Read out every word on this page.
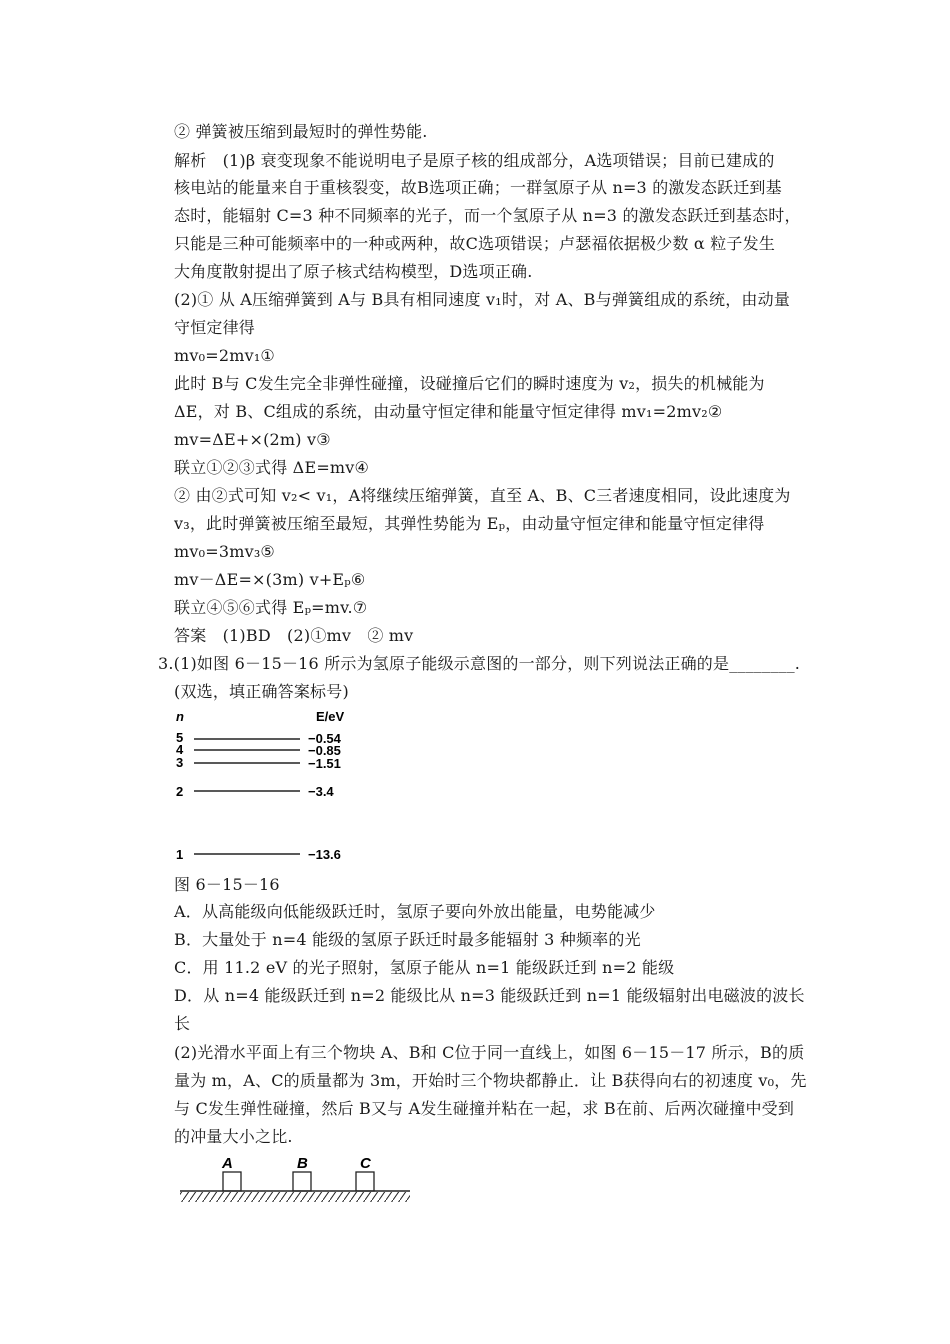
② 弹簧被压缩到最短时的弹性势能.
解析　(1)β 衰变现象不能说明电子是原子核的组成部分，A选项错误；目前已建成的
核电站的能量来自于重核裂变，故B选项正确；一群氢原子从 n=3 的激发态跃迁到基
态时，能辐射 C=3 种不同频率的光子，而一个氢原子从 n=3 的激发态跃迁到基态时，
只能是三种可能频率中的一种或两种，故C选项错误；卢瑟福依据极少数 α 粒子发生
大角度散射提出了原子核式结构模型，D选项正确.
(2)① 从 A压缩弹簧到 A与 B具有相同速度 v₁时，对 A、B与弹簧组成的系统，由动量
守恒定律得
mv₀=2mv₁①
此时 B与 C发生完全非弹性碰撞，设碰撞后它们的瞬时速度为 v₂，损失的机械能为
ΔE，对 B、C组成的系统，由动量守恒定律和能量守恒定律得 mv₁=2mv₂②
mv=ΔE+×(2m) v③
联立①②③式得 ΔE=mv④
② 由②式可知 v₂< v₁，A将继续压缩弹簧，直至 A、B、C三者速度相同，设此速度为
v₃，此时弹簧被压缩至最短，其弹性势能为 Eₚ，由动量守恒定律和能量守恒定律得
mv₀=3mv₃⑤
mv－ΔE=×(3m) v+Eₚ⑥
联立④⑤⑥式得 Eₚ=mv.⑦
答案　(1)BD　(2)①mv　② mv
3.(1)如图 6－15－16 所示为氢原子能级示意图的一部分，则下列说法正确的是________.
(双选，填正确答案标号)
n	E/eV
5	−0.54
4	−0.85
3	−1.51
2	−3.4
1	−13.6
图 6－15－16
A．从高能级向低能级跃迁时，氢原子要向外放出能量，电势能减少
B．大量处于 n=4 能级的氢原子跃迁时最多能辐射 3 种频率的光
C．用 11.2 eV 的光子照射，氢原子能从 n=1 能级跃迁到 n=2 能级
D．从 n=4 能级跃迁到 n=2 能级比从 n=3 能级跃迁到 n=1 能级辐射出电磁波的波长
长
(2)光滑水平面上有三个物块 A、B和 C位于同一直线上，如图 6－15－17 所示，B的质
量为 m，A、C的质量都为 3m，开始时三个物块都静止．让 B获得向右的初速度 v₀，先
与 C发生弹性碰撞，然后 B又与 A发生碰撞并粘在一起，求 B在前、后两次碰撞中受到
的冲量大小之比.
A	B	C
